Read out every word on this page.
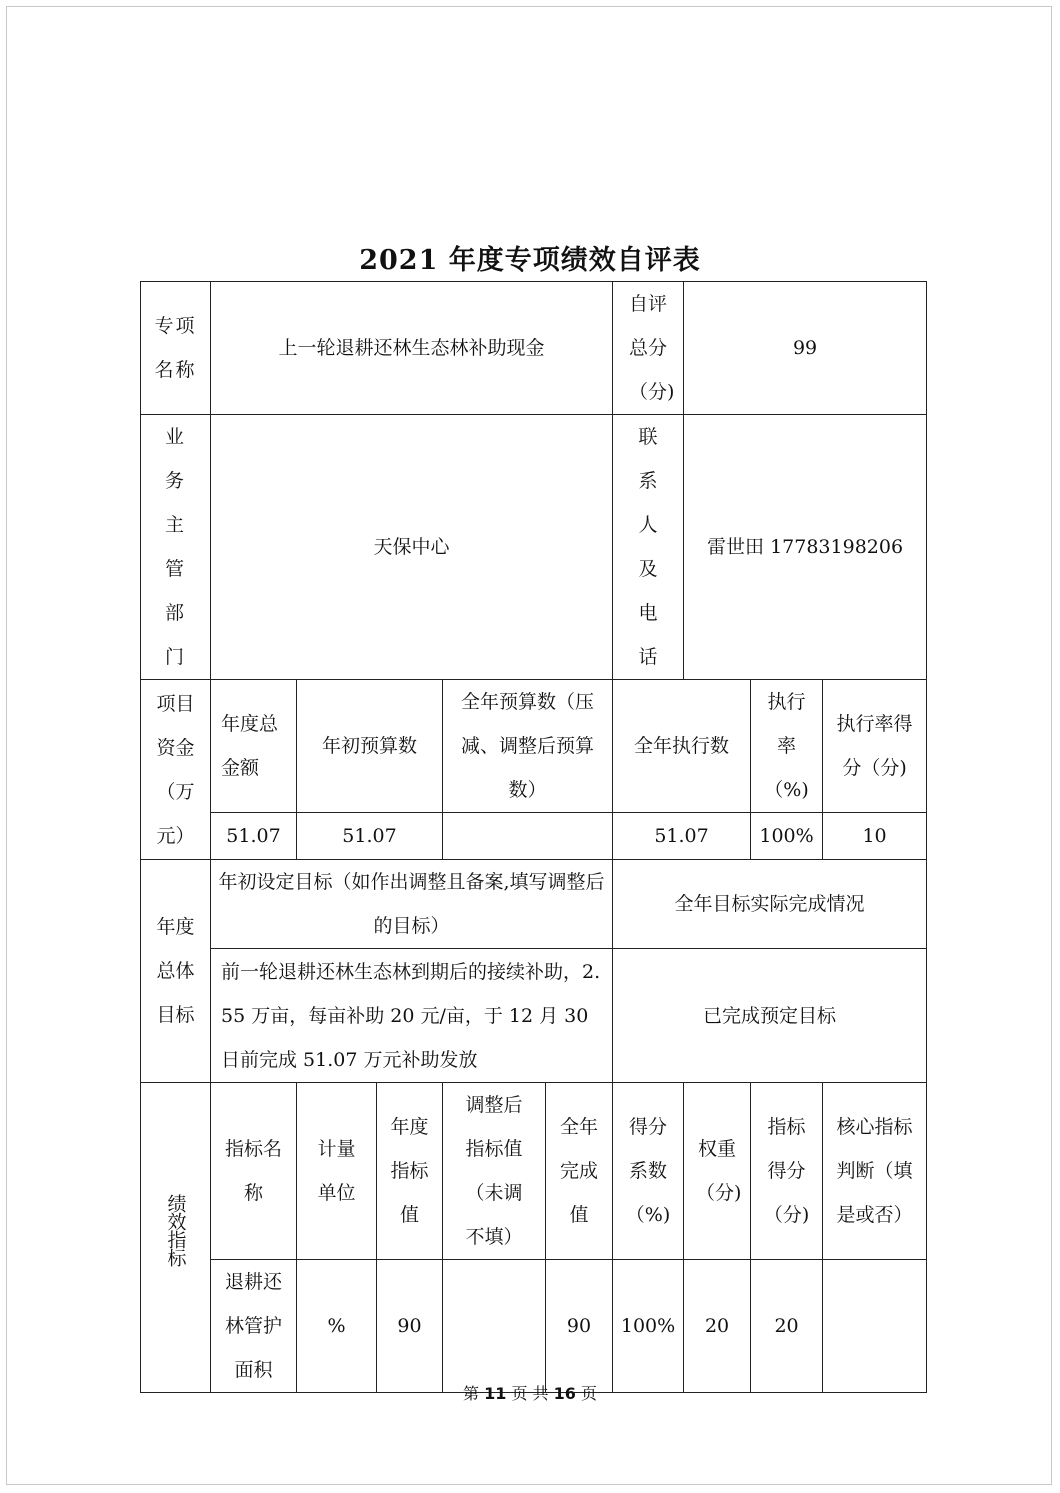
2021 年度专项绩效自评表
专项名称	上一轮退耕还林生态林补助现金					自评总分（分)	99		
业务主管部门	天保中心					联系人及电话	雷世田 17783198206		
项目资金（万元）	年度总金额	年初预算数		全年预算数（压减、调整后预算数）		全年执行数		执行率（%)	执行率得分（分)
	51.07	51.07				51.07		100%	10
年度总体目标	年初设定目标（如作出调整且备案,填写调整后的目标）					全年目标实际完成情况			
	前一轮退耕还林生态林到期后的接续补助，2.55 万亩，每亩补助 20 元/亩，于 12 月 30 日前完成 51.07 万元补助发放					已完成预定目标			
绩效指标	指标名称	计量单位	年度指标值	调整后指标值（未调不填）	全年完成值	得分系数（%)	权重（分)	指标得分（分)	核心指标判断（填是或否）
	退耕还林管护面积	%	90		90	100%	20	20	
第 11 页 共 16 页
